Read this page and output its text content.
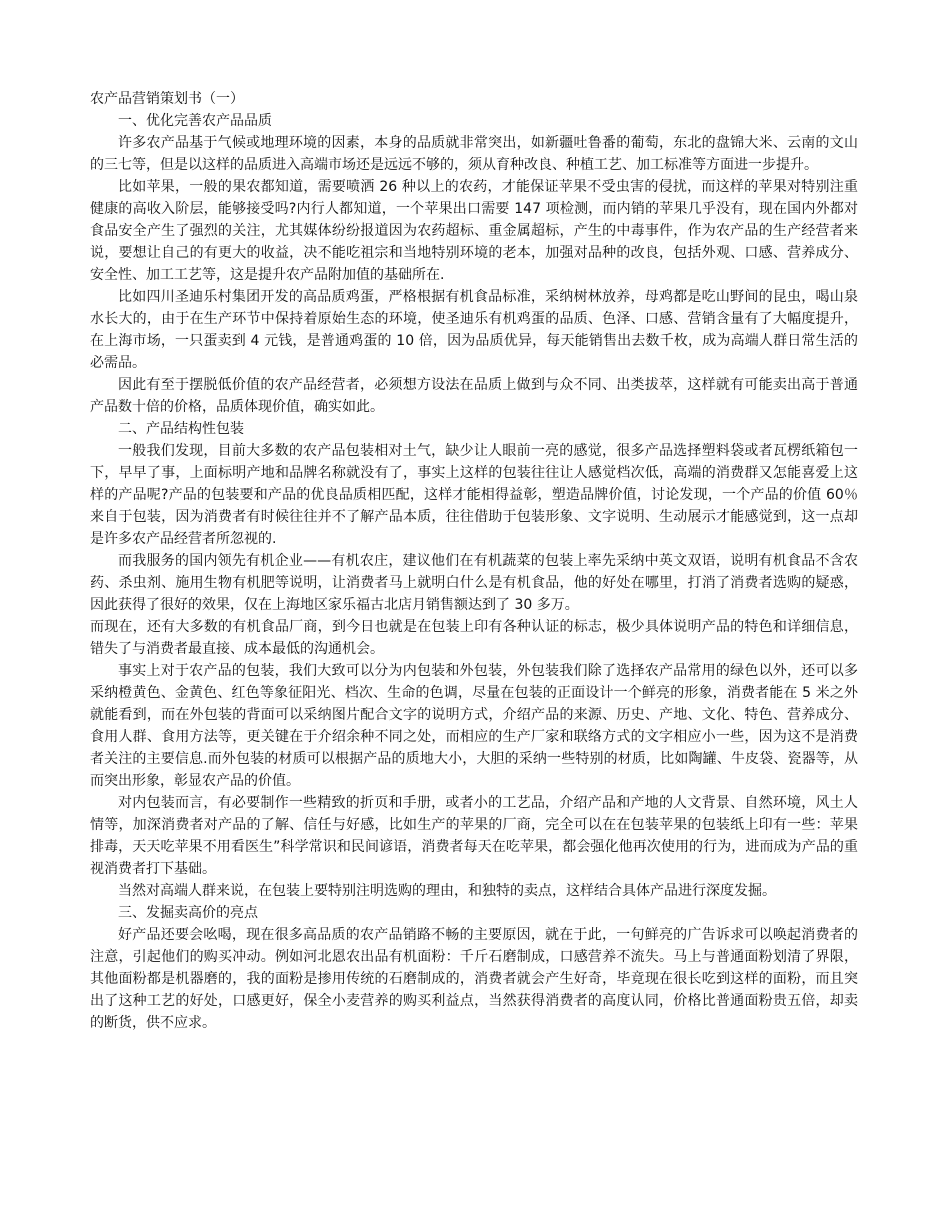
农产品营销策划书（一）

一、优化完善农产品品质

许多农产品基于气候或地理环境的因素，本身的品质就非常突出，如新疆吐鲁番的葡萄，东北的盘锦大米、云南的文山的三七等，但是以这样的品质进入高端市场还是远远不够的，须从育种改良、种植工艺、加工标准等方面进一步提升。

比如苹果，一般的果农都知道，需要喷洒 26 种以上的农药，才能保证苹果不受虫害的侵扰，而这样的苹果对特别注重健康的高收入阶层，能够接受吗?内行人都知道，一个苹果出口需要 147 项检测，而内销的苹果几乎没有，现在国内外都对食品安全产生了强烈的关注，尤其媒体纷纷报道因为农药超标、重金属超标，产生的中毒事件，作为农产品的生产经营者来说，要想让自己的有更大的收益，决不能吃祖宗和当地特别环境的老本，加强对品种的改良，包括外观、口感、营养成分、安全性、加工工艺等，这是提升农产品附加值的基础所在.

比如四川圣迪乐村集团开发的高品质鸡蛋，严格根据有机食品标准，采纳树林放养，母鸡都是吃山野间的昆虫，喝山泉水长大的，由于在生产环节中保持着原始生态的环境，使圣迪乐有机鸡蛋的品质、色泽、口感、营销含量有了大幅度提升，在上海市场，一只蛋卖到 4 元钱，是普通鸡蛋的 10 倍，因为品质优异，每天能销售出去数千枚，成为高端人群日常生活的必需品。

因此有至于摆脱低价值的农产品经营者，必须想方设法在品质上做到与众不同、出类拔萃，这样就有可能卖出高于普通产品数十倍的价格，品质体现价值，确实如此。

二、产品结构性包装

一般我们发现，目前大多数的农产品包装相对土气，缺少让人眼前一亮的感觉，很多产品选择塑料袋或者瓦楞纸箱包一下，早早了事，上面标明产地和品牌名称就没有了，事实上这样的包装往往让人感觉档次低，高端的消费群又怎能喜爱上这样的产品呢?产品的包装要和产品的优良品质相匹配，这样才能相得益彰，塑造品牌价值，讨论发现，一个产品的价值 60％来自于包装，因为消费者有时候往往并不了解产品本质，往往借助于包装形象、文字说明、生动展示才能感觉到，这一点却是许多农产品经营者所忽视的.

而我服务的国内领先有机企业——有机农庄，建议他们在有机蔬菜的包装上率先采纳中英文双语，说明有机食品不含农药、杀虫剂、施用生物有机肥等说明，让消费者马上就明白什么是有机食品，他的好处在哪里，打消了消费者选购的疑惑，因此获得了很好的效果，仅在上海地区家乐福古北店月销售额达到了 30 多万。

而现在，还有大多数的有机食品厂商，到今日也就是在包装上印有各种认证的标志，极少具体说明产品的特色和详细信息，错失了与消费者最直接、成本最低的沟通机会。

事实上对于农产品的包装，我们大致可以分为内包装和外包装，外包装我们除了选择农产品常用的绿色以外，还可以多采纳橙黄色、金黄色、红色等象征阳光、档次、生命的色调，尽量在包装的正面设计一个鲜亮的形象，消费者能在 5 米之外就能看到，而在外包装的背面可以采纳图片配合文字的说明方式，介绍产品的来源、历史、产地、文化、特色、营养成分、食用人群、食用方法等，更关键在于介绍余种不同之处，而相应的生产厂家和联络方式的文字相应小一些，因为这不是消费者关注的主要信息.而外包装的材质可以根据产品的质地大小，大胆的采纳一些特别的材质，比如陶罐、牛皮袋、瓷器等，从而突出形象，彰显农产品的价值。

对内包装而言，有必要制作一些精致的折页和手册，或者小的工艺品，介绍产品和产地的人文背景、自然环境，风土人情等，加深消费者对产品的了解、信任与好感，比如生产的苹果的厂商，完全可以在在包装苹果的包装纸上印有一些：苹果排毒，天天吃苹果不用看医生”科学常识和民间谚语，消费者每天在吃苹果，都会强化他再次使用的行为，进而成为产品的重视消费者打下基础。

当然对高端人群来说，在包装上要特别注明选购的理由，和独特的卖点，这样结合具体产品进行深度发掘。

三、发掘卖高价的亮点

好产品还要会吆喝，现在很多高品质的农产品销路不畅的主要原因，就在于此，一句鲜亮的广告诉求可以唤起消费者的注意，引起他们的购买冲动。例如河北恩农出品有机面粉：千斤石磨制成，口感营养不流失。马上与普通面粉划清了界限，其他面粉都是机器磨的，我的面粉是掺用传统的石磨制成的，消费者就会产生好奇，毕竟现在很长吃到这样的面粉，而且突出了这种工艺的好处，口感更好，保全小麦营养的购买利益点，当然获得消费者的高度认同，价格比普通面粉贵五倍，却卖的断货，供不应求。
